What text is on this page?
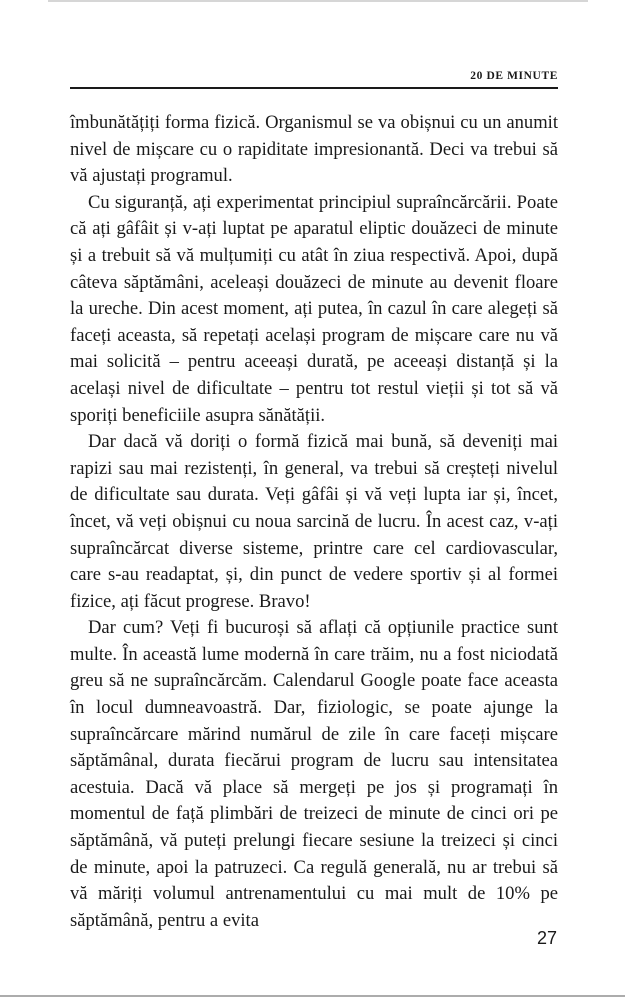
20 DE MINUTE

îmbunătățiți forma fizică. Organismul se va obișnui cu un anumit nivel de mișcare cu o rapiditate impresionantă. Deci va trebui să vă ajustați programul.

Cu siguranță, ați experimentat principiul supraîncărcării. Poate că ați gâfâit și v-ați luptat pe aparatul eliptic douăzeci de minute și a trebuit să vă mulțumiți cu atât în ziua respectivă. Apoi, după câteva săptămâni, aceleași douăzeci de minute au devenit floare la ureche. Din acest moment, ați putea, în cazul în care alegeți să faceți aceasta, să repetați același program de mișcare care nu vă mai solicită – pentru aceeași durată, pe aceeași distanță și la același nivel de dificultate – pentru tot restul vieții și tot să vă sporiți beneficiile asupra sănătății.

Dar dacă vă doriți o formă fizică mai bună, să deveniți mai rapizi sau mai rezistenți, în general, va trebui să creșteți nivelul de dificultate sau durata. Veți gâfâi și vă veți lupta iar și, încet, încet, vă veți obișnui cu noua sarcină de lucru. În acest caz, v-ați supraîncărcat diverse sisteme, printre care cel cardiovascular, care s-au readaptat, și, din punct de vedere sportiv și al formei fizice, ați făcut progrese. Bravo!

Dar cum? Veți fi bucuroși să aflați că opțiunile practice sunt multe. În această lume modernă în care trăim, nu a fost niciodată greu să ne supraîncărcăm. Calendarul Google poate face aceasta în locul dumneavoastră. Dar, fiziologic, se poate ajunge la supraîncărcare mărind numărul de zile în care faceți mișcare săptămânal, durata fiecărui program de lucru sau intensitatea acestuia. Dacă vă place să mergeți pe jos și programați în momentul de față plimbări de treizeci de minute de cinci ori pe săptămână, vă puteți prelungi fiecare sesiune la treizeci și cinci de minute, apoi la patruzeci. Ca regulă generală, nu ar trebui să vă măriți volumul antrenamentului cu mai mult de 10% pe săptămână, pentru a evita

27
